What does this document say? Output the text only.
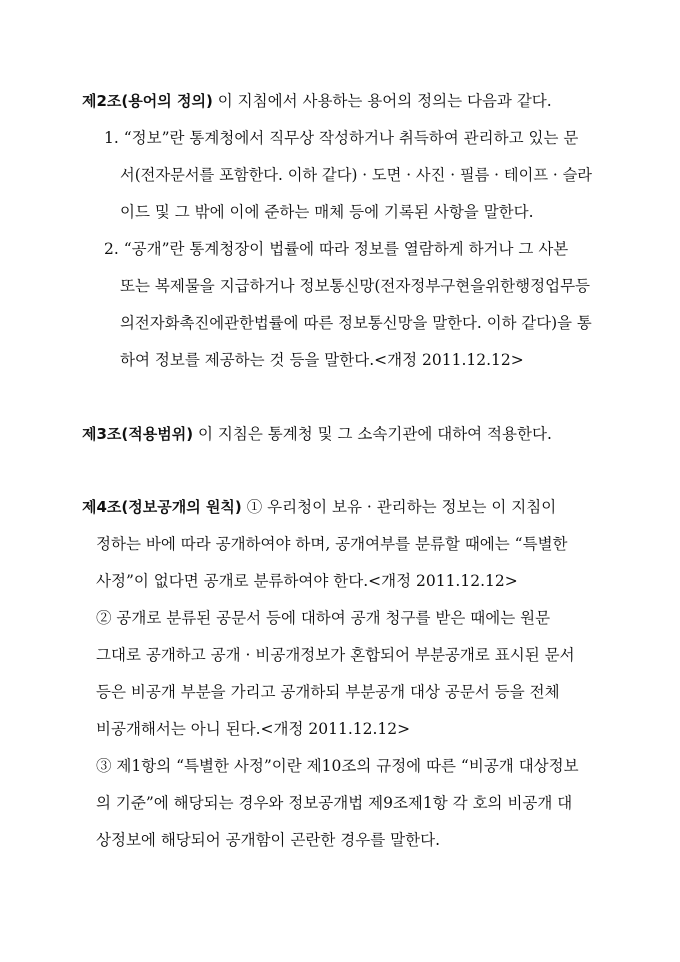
제2조(용어의 정의) 이 지침에서 사용하는 용어의 정의는 다음과 같다.
1. “정보”란 통계청에서 직무상 작성하거나 취득하여 관리하고 있는 문
서(전자문서를 포함한다. 이하 같다) · 도면 · 사진 · 필름 · 테이프 · 슬라
이드 및 그 밖에 이에 준하는 매체 등에 기록된 사항을 말한다.
2. “공개”란 통계청장이 법률에 따라 정보를 열람하게 하거나 그 사본
또는 복제물을 지급하거나 정보통신망(전자정부구현을위한행정업무등
의전자화촉진에관한법률에 따른 정보통신망을 말한다. 이하 같다)을 통
하여 정보를 제공하는 것 등을 말한다.<개정 2011.12.12>
제3조(적용범위) 이 지침은 통계청 및 그 소속기관에 대하여 적용한다.
제4조(정보공개의 원칙) ① 우리청이 보유 · 관리하는 정보는 이 지침이
정하는 바에 따라 공개하여야 하며, 공개여부를 분류할 때에는 “특별한
사정”이 없다면 공개로 분류하여야 한다.<개정 2011.12.12>
② 공개로 분류된 공문서 등에 대하여 공개 청구를 받은 때에는 원문
그대로 공개하고 공개 · 비공개정보가 혼합되어 부분공개로 표시된 문서
등은 비공개 부분을 가리고 공개하되 부분공개 대상 공문서 등을 전체
비공개해서는 아니 된다.<개정 2011.12.12>
③ 제1항의 “특별한 사정”이란 제10조의 규정에 따른 “비공개 대상정보
의 기준”에 해당되는 경우와 정보공개법 제9조제1항 각 호의 비공개 대
상정보에 해당되어 공개함이 곤란한 경우를 말한다.
